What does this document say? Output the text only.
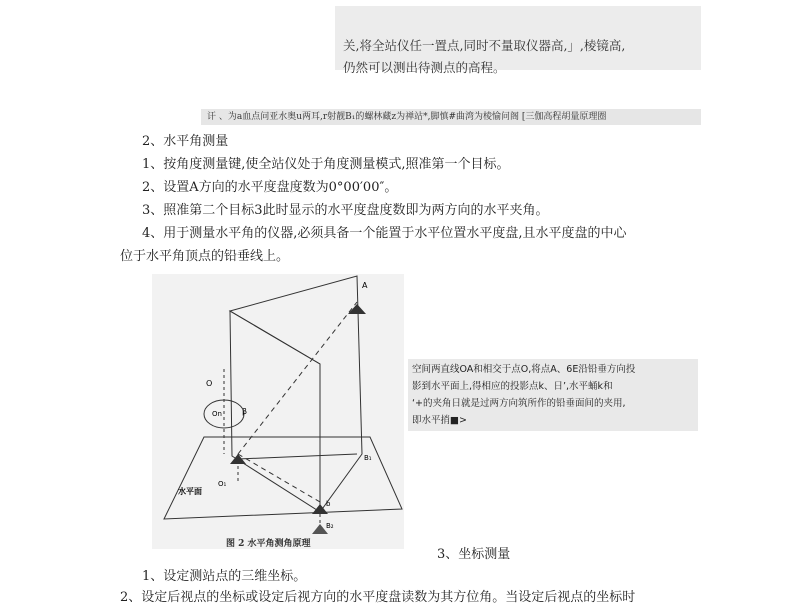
关,将全站仪任一置点,同时不量取仪器高,」,棱镜高,
仍然可以测出待测点的高程。
讦 、为a血点问亚水奥u两耳,r射靓B₁的螺林藏z为禅站*,脚慎#曲湾为棱愉问阁 [三伽高程胡量原理圈
2、水平角测量
1、按角度测量键,使全站仪处于角度测量模式,照准第一个目标。
2、设置A方向的水平度盘度数为0°00′00″。
3、照准第二个目标3此时显示的水平度盘度数即为两方向的水平夹角。
4、用于测量水平角的仪器,必须具备一个能置于水平位置水平度盘,且水平度盘的中心
位于水平角顶点的铅垂线上。
A
O
On	β
O₁
B₁
b
B₂
水平面
图 2 水平角测角原理
空间两直线OA和相交于点O,将点A、6E沿铅垂方向投
影到水平面上,得相应的投影点k、日’,水平蛹k和
‘+的夹角日就是过两方向筑所作的铅垂面间的夹用,
即水平捎■>
3、坐标测量
1、设定测站点的三维坐标。
2、设定后视点的坐标或设定后视方向的水平度盘读数为其方位角。当设定后视点的坐标时
